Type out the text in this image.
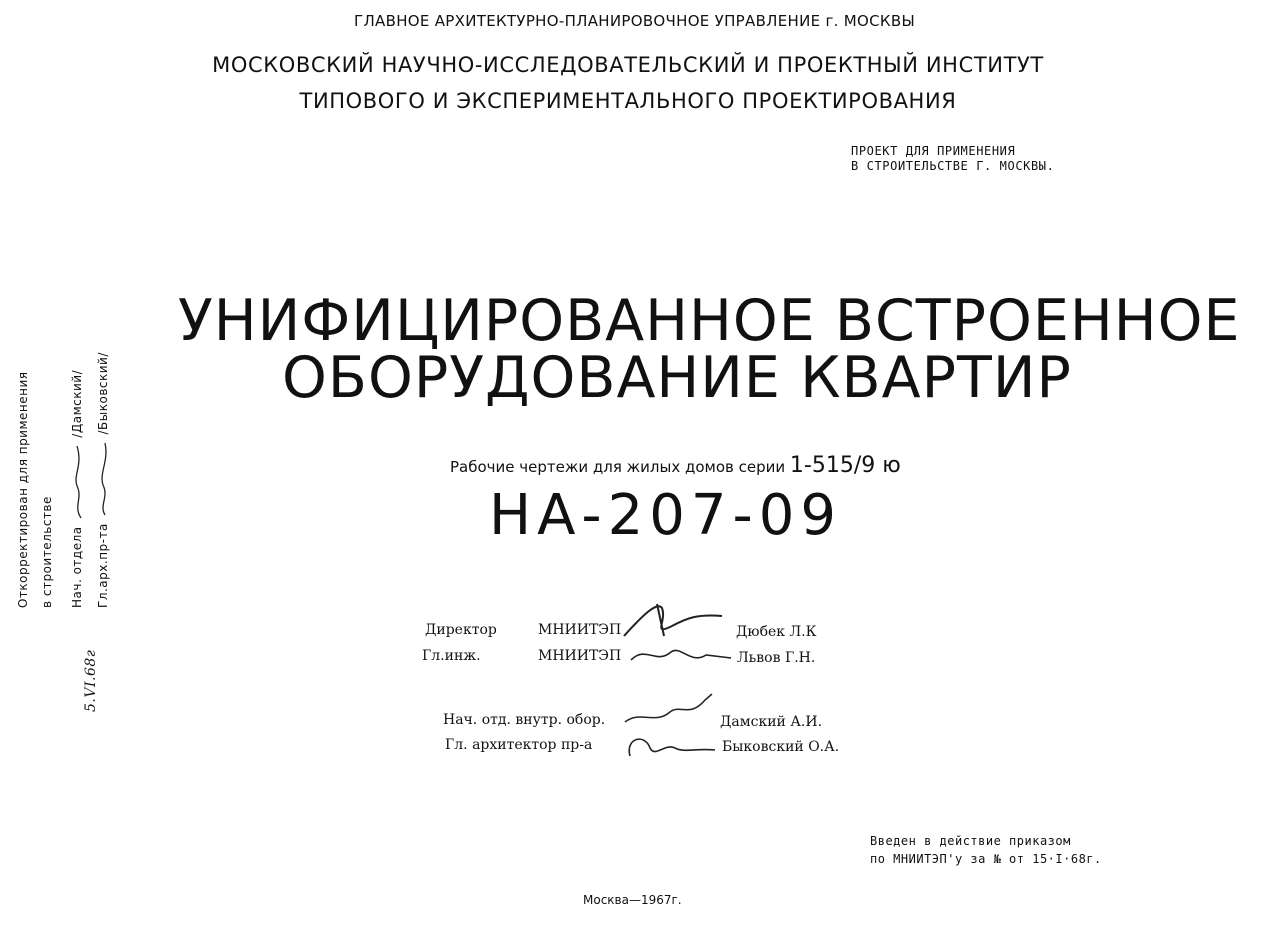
ГЛАВНОЕ АРХИТЕКТУРНО-ПЛАНИРОВОЧНОЕ УПРАВЛЕНИЕ г. МОСКВЫ
МОСКОВСКИЙ НАУЧНО-ИССЛЕДОВАТЕЛЬСКИЙ И ПРОЕКТНЫЙ ИНСТИТУТ
ТИПОВОГО И ЭКСПЕРИМЕНТАЛЬНОГО ПРОЕКТИРОВАНИЯ
ПРОЕКТ ДЛЯ ПРИМЕНЕНИЯ
В СТРОИТЕЛЬСТВЕ Г. МОСКВЫ.
УНИФИЦИРОВАННОЕ ВСТРОЕННОЕ
ОБОРУДОВАНИЕ КВАРТИР
Рабочие чертежи для жилых домов серии 1-515/9 ю
НА-207-09
Директор	МНИИТЭП	Дюбек Л.К
Гл.инж.	МНИИТЭП	Львов Г.Н.
Нач. отд. внутр. обор.	Дамский А.И.
Гл. архитектор пр-а	Быковский О.А.
Откорректирован для применения в строительстве Нач. отдела  /Дамский/
Гл.арх.пр-та  /Быковский/
5.VI.68г
Введен в действие приказом
по МНИИТЭП'у за № от 15·I·68г.
Москва—1967г.
